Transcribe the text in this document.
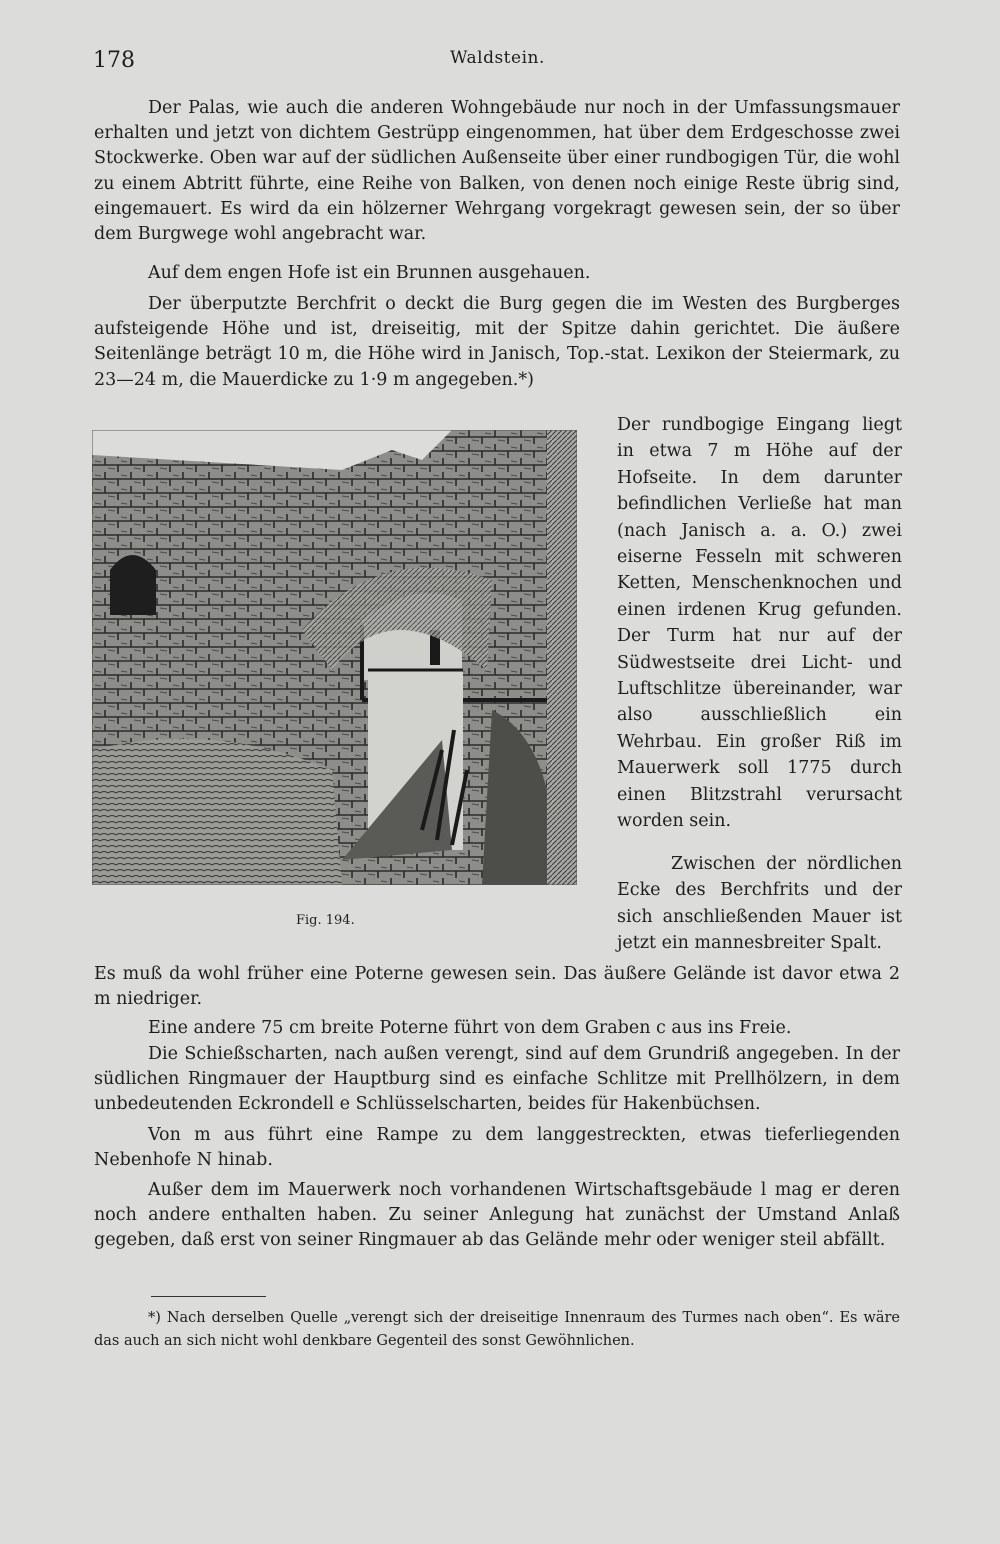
178	Waldstein.

Der Palas, wie auch die anderen Wohngebäude nur noch in der Umfassungsmauer erhalten und jetzt von dichtem Gestrüpp eingenommen, hat über dem Erdgeschosse zwei Stockwerke. Oben war auf der südlichen Außenseite über einer rundbogigen Tür, die wohl zu einem Abtritt führte, eine Reihe von Balken, von denen noch einige Reste übrig sind, eingemauert. Es wird da ein hölzerner Wehrgang vorgekragt gewesen sein, der so über dem Burgwege wohl angebracht war.

Auf dem engen Hofe ist ein Brunnen ausgehauen.

Der überputzte Berchfrit o deckt die Burg gegen die im Westen des Burgberges aufsteigende Höhe und ist, dreiseitig, mit der Spitze dahin gerichtet. Die äußere Seitenlänge beträgt 10 m, die Höhe wird in Janisch, Top.-stat. Lexikon der Steiermark, zu 23—24 m, die Mauerdicke zu 1·9 m angegeben.*)

Der rundbogige Eingang liegt in etwa 7 m Höhe auf der Hofseite. In dem darunter befindlichen Verließe hat man (nach Janisch a. a. O.) zwei eiserne Fesseln mit schweren Ketten, Menschenknochen und einen irdenen Krug gefunden. Der Turm hat nur auf der Südwestseite drei Licht- und Luftschlitze übereinander, war also ausschließlich ein Wehrbau. Ein großer Riß im Mauerwerk soll 1775 durch einen Blitzstrahl verursacht worden sein.

Zwischen der nördlichen Ecke des Berchfrits und der sich anschließenden Mauer ist jetzt ein mannesbreiter Spalt.

Fig. 194.

Es muß da wohl früher eine Poterne gewesen sein. Das äußere Gelände ist davor etwa 2 m niedriger.

Eine andere 75 cm breite Poterne führt von dem Graben c aus ins Freie.

Die Schießscharten, nach außen verengt, sind auf dem Grundriß angegeben. In der südlichen Ringmauer der Hauptburg sind es einfache Schlitze mit Prellhölzern, in dem unbedeutenden Eckrondell e Schlüsselscharten, beides für Hakenbüchsen.

Von m aus führt eine Rampe zu dem langgestreckten, etwas tieferliegenden Nebenhofe N hinab.

Außer dem im Mauerwerk noch vorhandenen Wirtschaftsgebäude l mag er deren noch andere enthalten haben. Zu seiner Anlegung hat zunächst der Umstand Anlaß gegeben, daß erst von seiner Ringmauer ab das Gelände mehr oder weniger steil abfällt.

*) Nach derselben Quelle „verengt sich der dreiseitige Innenraum des Turmes nach oben“. Es wäre das auch an sich nicht wohl denkbare Gegenteil des sonst Gewöhnlichen.
